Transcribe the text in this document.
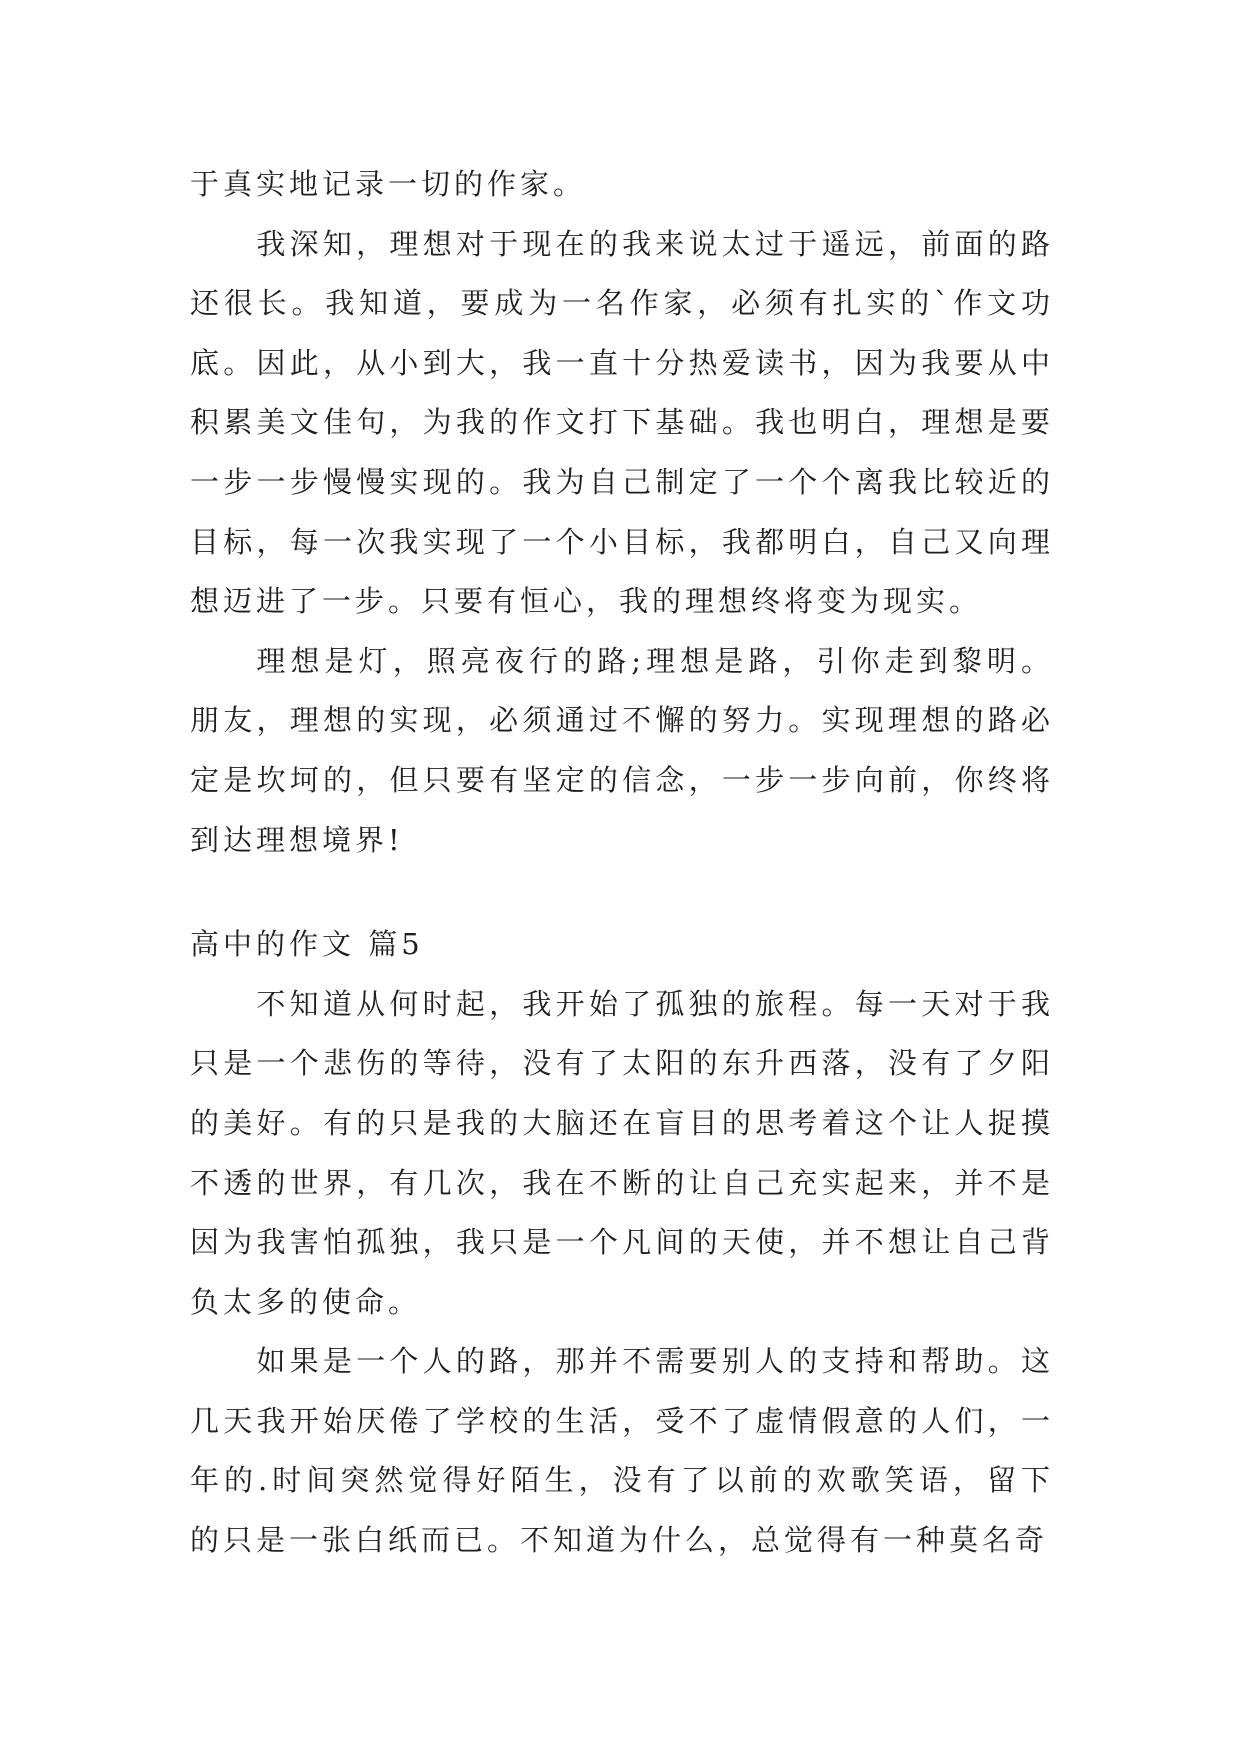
于真实地记录一切的作家。
我深知，理想对于现在的我来说太过于遥远，前面的路
还很长。我知道，要成为一名作家，必须有扎实的`作文功
底。因此，从小到大，我一直十分热爱读书，因为我要从中
积累美文佳句，为我的作文打下基础。我也明白，理想是要
一步一步慢慢实现的。我为自己制定了一个个离我比较近的
目标，每一次我实现了一个小目标，我都明白，自己又向理
想迈进了一步。只要有恒心，我的理想终将变为现实。
理想是灯，照亮夜行的路;理想是路，引你走到黎明。
朋友，理想的实现，必须通过不懈的努力。实现理想的路必
定是坎坷的，但只要有坚定的信念，一步一步向前，你终将
到达理想境界!
高中的作文 篇5
不知道从何时起，我开始了孤独的旅程。每一天对于我
只是一个悲伤的等待，没有了太阳的东升西落，没有了夕阳
的美好。有的只是我的大脑还在盲目的思考着这个让人捉摸
不透的世界，有几次，我在不断的让自己充实起来，并不是
因为我害怕孤独，我只是一个凡间的天使，并不想让自己背
负太多的使命。
如果是一个人的路，那并不需要别人的支持和帮助。这
几天我开始厌倦了学校的生活，受不了虚情假意的人们，一
年的.时间突然觉得好陌生，没有了以前的欢歌笑语，留下
的只是一张白纸而已。不知道为什么，总觉得有一种莫名奇
